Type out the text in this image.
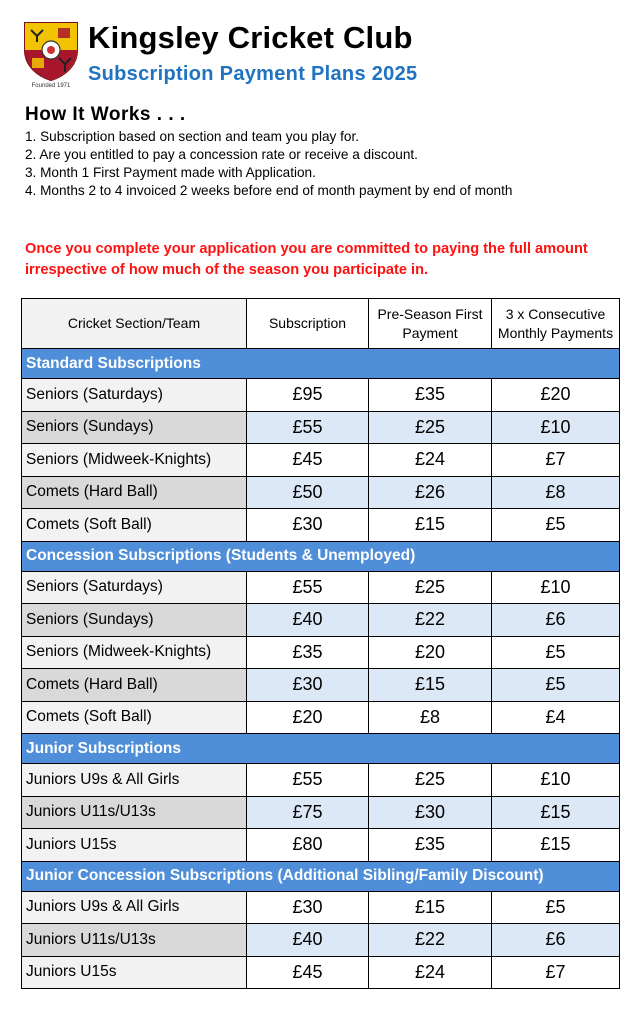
Founded 1971
Kingsley Cricket Club
Subscription Payment Plans 2025
How It Works . . .
1. Subscription based on section and team you play for.
2. Are you entitled to pay a concession rate or receive a discount.
3. Month 1 First Payment made with Application.
4. Months 2 to 4 invoiced 2 weeks before end of month payment by end of month
Once you complete your application you are committed to paying the full amount irrespective of how much of the season you participate in.
Cricket Section/Team	Subscription	Pre-Season First Payment	3 x Consecutive Monthly Payments
Standard Subscriptions			
Seniors (Saturdays)	£95	£35	£20
Seniors (Sundays)	£55	£25	£10
Seniors (Midweek-Knights)	£45	£24	£7
Comets (Hard Ball)	£50	£26	£8
Comets (Soft Ball)	£30	£15	£5
Concession Subscriptions (Students & Unemployed)			
Seniors (Saturdays)	£55	£25	£10
Seniors (Sundays)	£40	£22	£6
Seniors (Midweek-Knights)	£35	£20	£5
Comets (Hard Ball)	£30	£15	£5
Comets (Soft Ball)	£20	£8	£4
Junior Subscriptions			
Juniors U9s & All Girls	£55	£25	£10
Juniors U11s/U13s	£75	£30	£15
Juniors U15s	£80	£35	£15
Junior Concession Subscriptions (Additional Sibling/Family Discount)			
Juniors U9s & All Girls	£30	£15	£5
Juniors U11s/U13s	£40	£22	£6
Juniors U15s	£45	£24	£7
